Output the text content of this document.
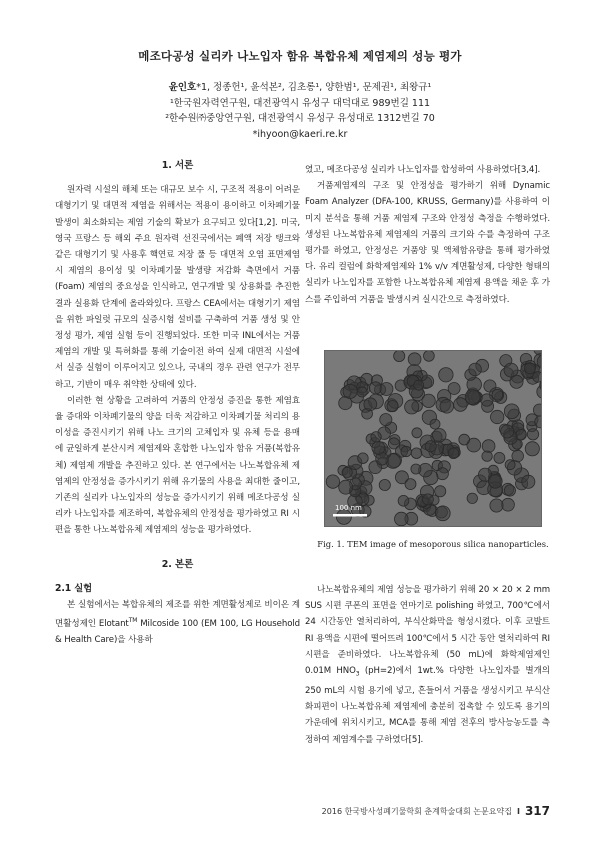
메조다공성 실리카 나노입자 함유 복합유체 제염제의 성능 평가
윤인호*1, 정종헌¹, 윤석본², 김초롱¹, 양한범¹, 문제권¹, 최왕규¹
¹한국원자력연구원, 대전광역시 유성구 대덕대로 989번길 111
²한수원㈜중앙연구원, 대전광역시 유성구 유성대로 1312번길 70
*ihyoon@kaeri.re.kr
1. 서론

원자력 시설의 해체 또는 대규모 보수 시, 구조적 적용이 어려운 대형기기 및 대면적 제염을 위해서는 적용이 용이하고 이차폐기물 발생이 최소화되는 제염 기술의 확보가 요구되고 있다[1,2]. 미국, 영국 프랑스 등 해외 주요 원자력 선진국에서는 폐액 저장 탱크와 같은 대형기기 및 사용후 핵연료 저장 풀 등 대면적 오염 표면제염 시 제염의 용이성 및 이차폐기물 발생량 저감화 측면에서 거품(Foam) 제염의 중요성을 인식하고, 연구개발 및 상용화를 추진한 결과 실용화 단계에 올라와있다. 프랑스 CEA에서는 대형기기 제염을 위한 파일럿 규모의 실증시험 설비를 구축하여 거품 생성 및 안정성 평가, 제염 실험 등이 진행되었다. 또한 미국 INL에서는 거품 제염의 개발 및 특허화를 통해 기술이전 하여 실제 대면적 시설에서 실증 실험이 이루어지고 있으나, 국내의 경우 관련 연구가 전무하고, 기반이 매우 취약한 상태에 있다.

이러한 현 상황을 고려하여 거품의 안정성 증진을 통한 제염효율 증대와 이차폐기물의 양을 더욱 저감하고 이차폐기물 처리의 용이성을 증진시키기 위해 나노 크기의 고체입자 및 유체 등을 용매에 균일하게 분산시켜 제염제와 혼합한 나노입자 함유 거품(복합유체) 제염제 개발을 추진하고 있다. 본 연구에서는 나노복합유체 제염제의 안정성을 증가시키기 위해 유기물의 사용을 최대한 줄이고, 기존의 실리카 나노입자의 성능을 증가시키기 위해 메조다공성 실리카 나노입자를 제조하여, 복합유체의 안정성을 평가하였고 RI 시편을 통한 나노복합유체 제염제의 성능을 평가하였다.

2. 본론
2.1 실험

본 실험에서는 복합유체의 제조를 위한 계면활성제로 비이온 계면활성제인 Elotant™ Milcoside 100 (EM 100, LG Household & Health Care)을 사용하

였고, 메조다공성 실리카 나노입자를 합성하여 사용하였다[3,4].

거품제염제의 구조 및 안정성을 평가하기 위해 Dynamic Foam Analyzer (DFA-100, KRUSS, Germany)를 사용하여 이미지 분석을 통해 거품 제염제 구조와 안정성 측정을 수행하였다. 생성된 나노복합유체 제염제의 거품의 크기와 수를 측정하여 구조 평가를 하였고, 안정성은 거품양 및 액체함유량을 통해 평가하였다. 유리 컬럼에 화학제염제와 1% v/v 계면활성제, 다양한 형태의 실리카 나노입자를 포함한 나노복합유체 제염제 용액을 채운 후 가스를 주입하여 거품을 발생시켜 실시간으로 측정하였다.

100 nm
Fig. 1. TEM image of mesoporous silica nanoparticles.

나노복합유체의 제염 성능을 평가하기 위해 20 × 20 × 2 mm SUS 시편 쿠폰의 표면을 연마기로 polishing 하였고, 700℃에서 24 시간동안 열처리하여, 부식산화막을 형성시켰다. 이후 코발트 RI 용액을 시편에 떨어뜨려 100℃에서 5 시간 동안 열처리하여 RI 시편을 준비하였다. 나노복합유체 (50 mL)에 화학제염제인 0.01M $HNO_3$ (pH=2)에서 1wt.% 다양한 나노입자를 별개의 250 mL의 시험 용기에 넣고, 흔들어서 거품을 생성시키고 부식산화피편이 나노복합유체 제염제에 충분히 접촉할 수 있도록 용기의 가운데에 위치시키고, MCA를 통해 제염 전후의 방사능농도를 측정하여 제염계수를 구하였다[5].

2016 한국방사성폐기물학회 춘계학술대회 논문요약집 I 317
